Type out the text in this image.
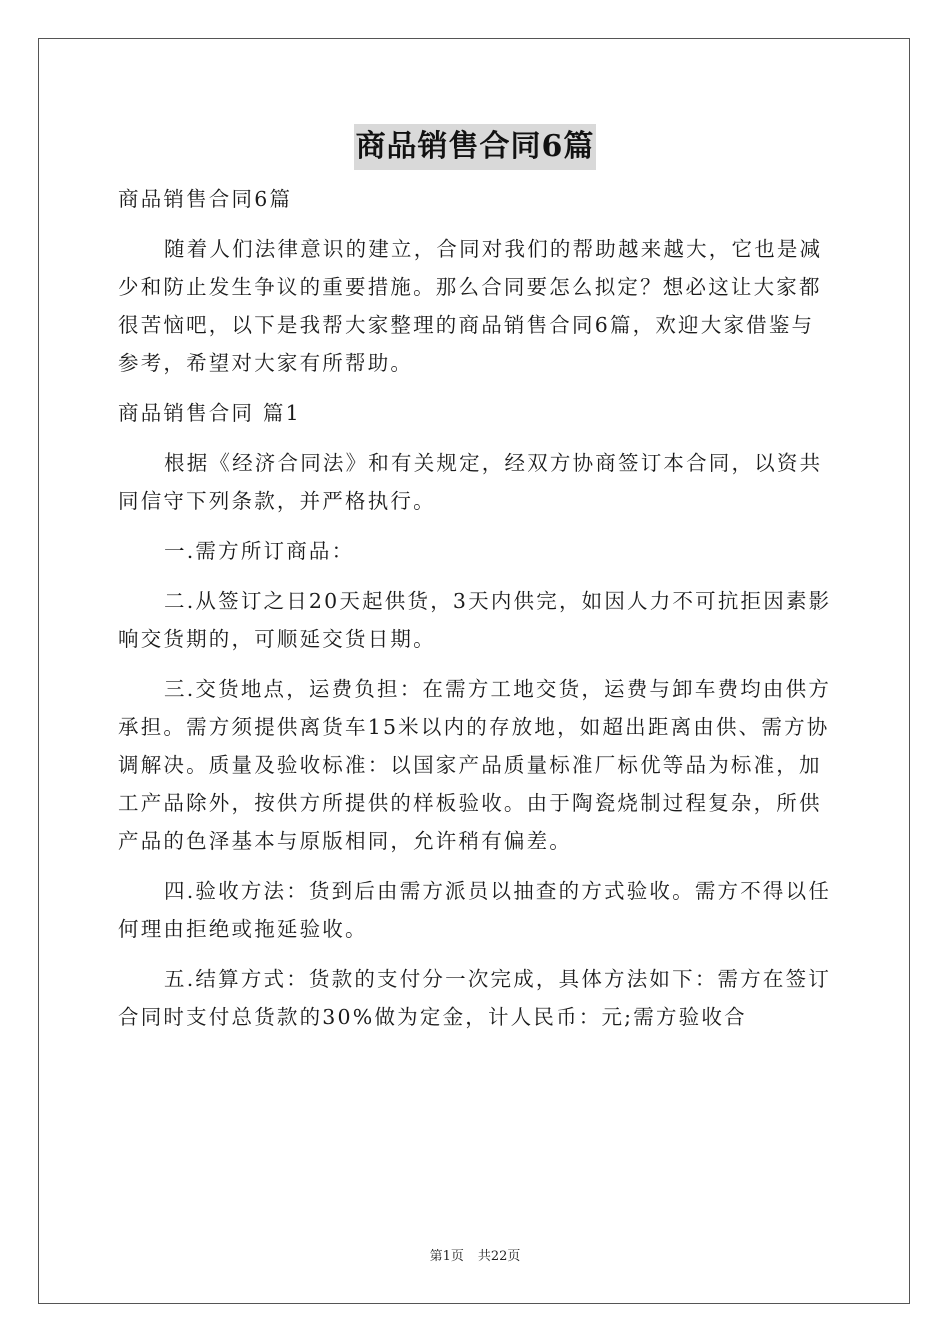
商品销售合同6篇

商品销售合同6篇

随着人们法律意识的建立，合同对我们的帮助越来越大，它也是减少和防止发生争议的重要措施。那么合同要怎么拟定？想必这让大家都很苦恼吧，以下是我帮大家整理的商品销售合同6篇，欢迎大家借鉴与参考，希望对大家有所帮助。

商品销售合同 篇1

根据《经济合同法》和有关规定，经双方协商签订本合同，以资共同信守下列条款，并严格执行。

一.需方所订商品：

二.从签订之日20天起供货，3天内供完，如因人力不可抗拒因素影响交货期的，可顺延交货日期。

三.交货地点，运费负担：在需方工地交货，运费与卸车费均由供方承担。需方须提供离货车15米以内的存放地，如超出距离由供、需方协调解决。质量及验收标准：以国家产品质量标准厂标优等品为标准，加工产品除外，按供方所提供的样板验收。由于陶瓷烧制过程复杂，所供产品的色泽基本与原版相同，允许稍有偏差。

四.验收方法：货到后由需方派员以抽查的方式验收。需方不得以任何理由拒绝或拖延验收。

五.结算方式：货款的支付分一次完成，具体方法如下：需方在签订合同时支付总货款的30%做为定金，计人民币：元;需方验收合

第1页 共22页
